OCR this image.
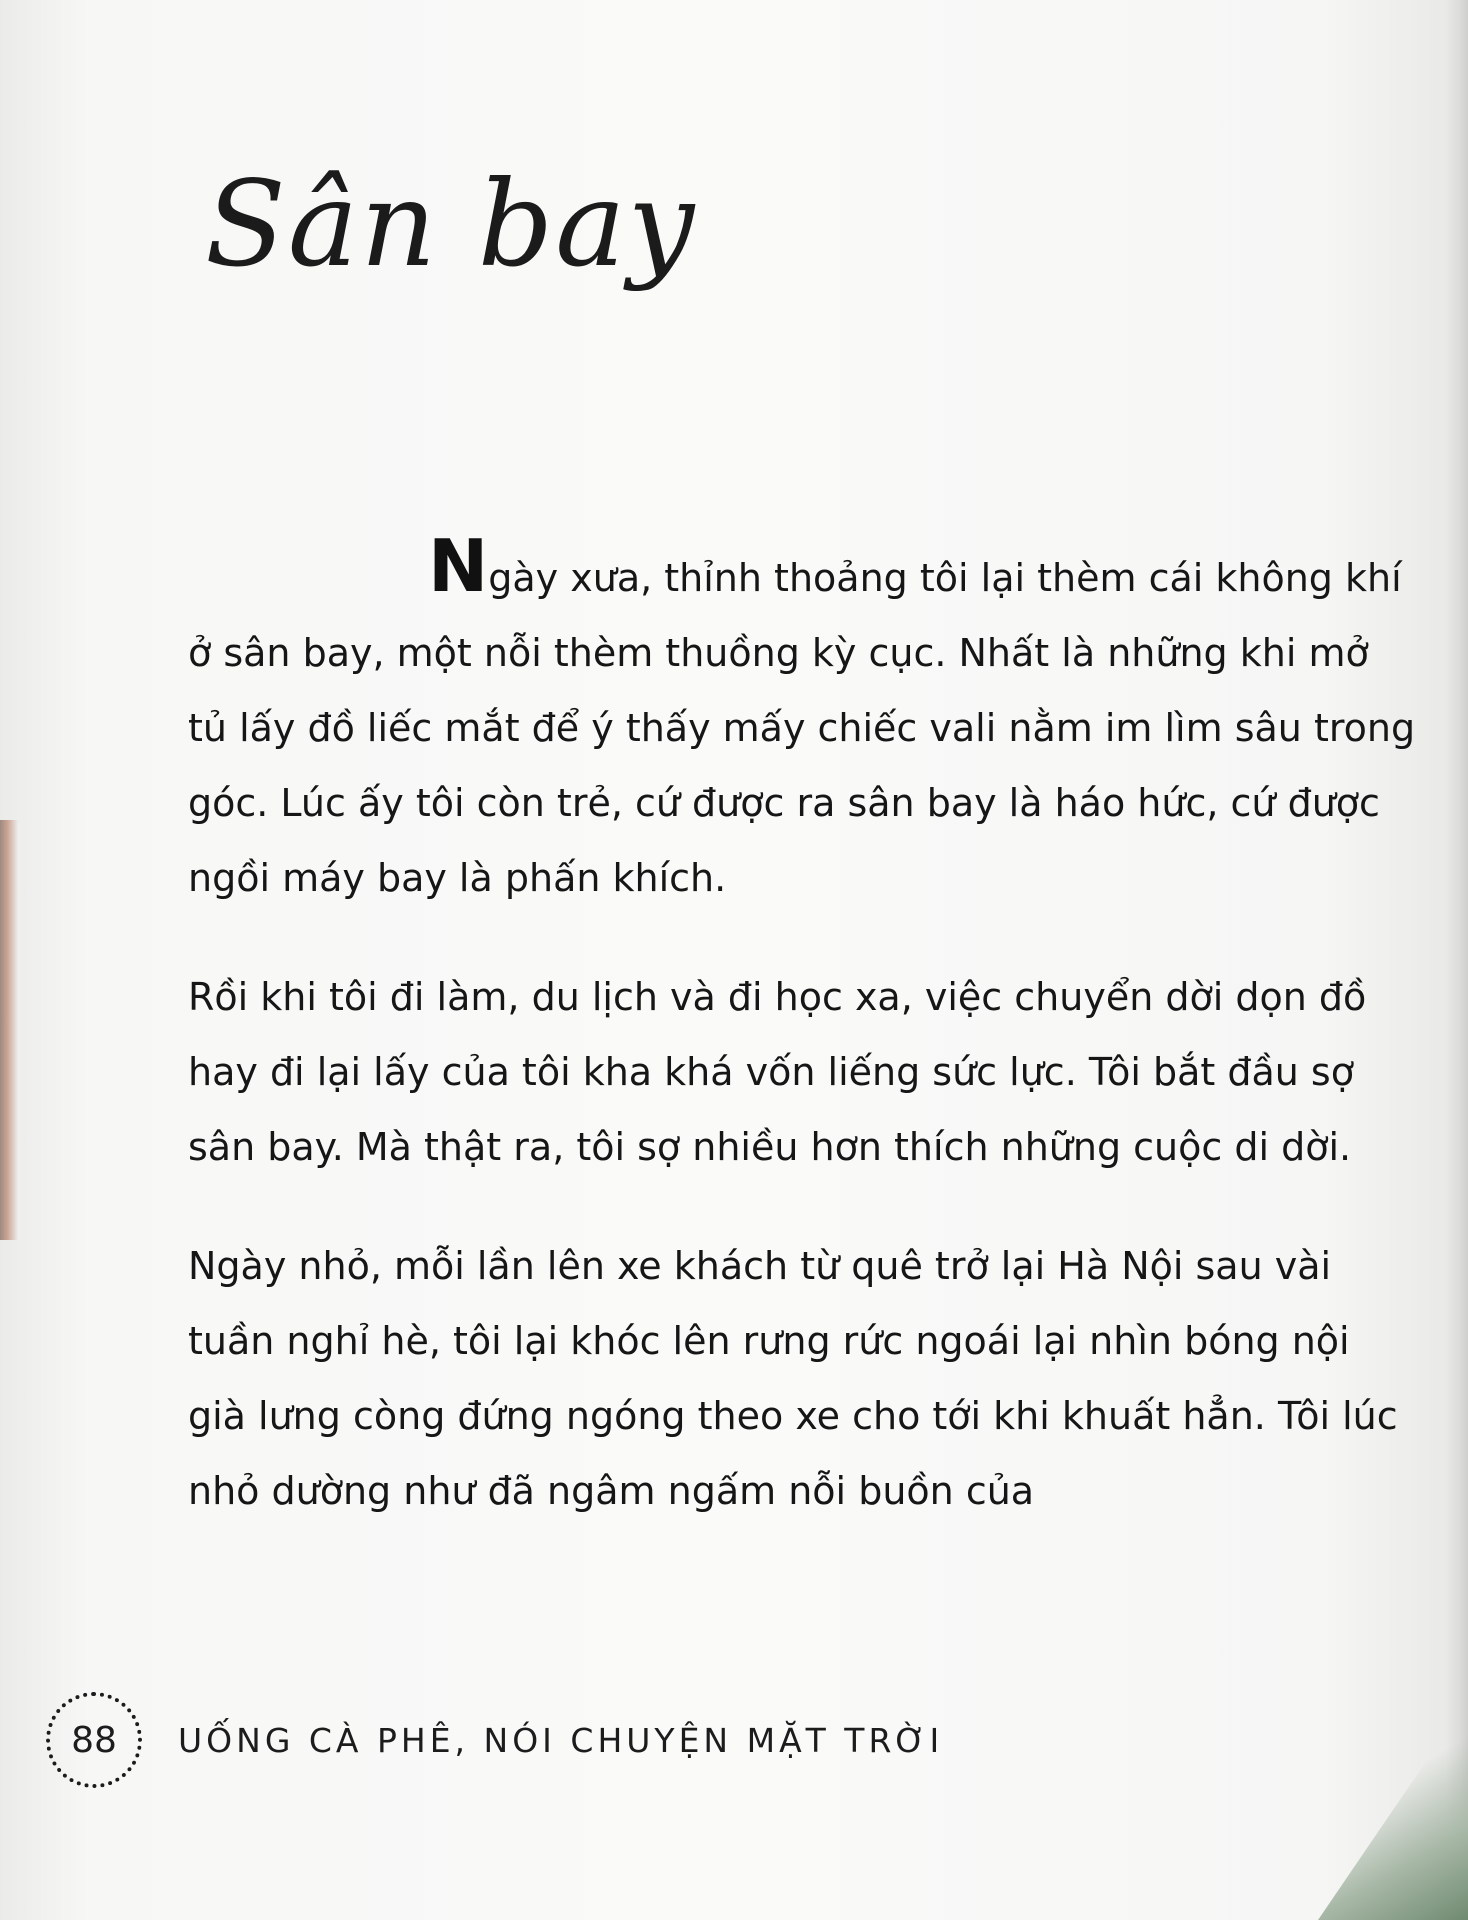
Sân bay

Ngày xưa, thỉnh thoảng tôi lại thèm cái không khí ở sân bay, một nỗi thèm thuồng kỳ cục. Nhất là những khi mở tủ lấy đồ liếc mắt để ý thấy mấy chiếc vali nằm im lìm sâu trong góc. Lúc ấy tôi còn trẻ, cứ được ra sân bay là háo hức, cứ được ngồi máy bay là phấn khích.

Rồi khi tôi đi làm, du lịch và đi học xa, việc chuyển dời dọn đồ hay đi lại lấy của tôi kha khá vốn liếng sức lực. Tôi bắt đầu sợ sân bay. Mà thật ra, tôi sợ nhiều hơn thích những cuộc di dời.

Ngày nhỏ, mỗi lần lên xe khách từ quê trở lại Hà Nội sau vài tuần nghỉ hè, tôi lại khóc lên rưng rức ngoái lại nhìn bóng nội già lưng còng đứng ngóng theo xe cho tới khi khuất hẳn. Tôi lúc nhỏ dường như đã ngâm ngấm nỗi buồn của

88	UỐNG CÀ PHÊ, NÓI CHUYỆN MẶT TRỜI
